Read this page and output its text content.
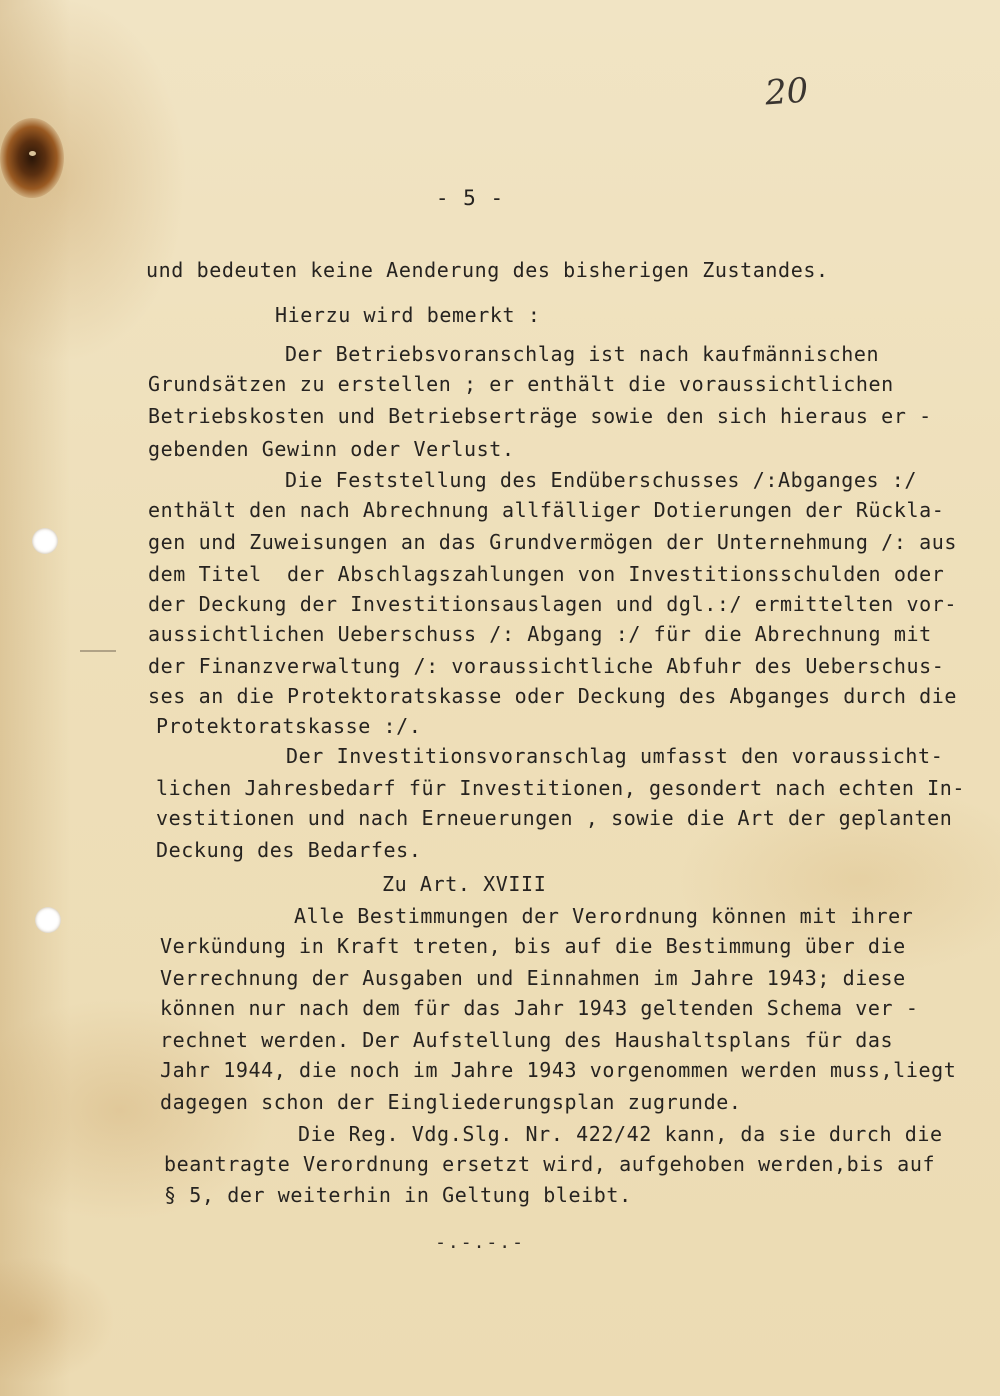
20
- 5 -

und bedeuten keine Aenderung des bisherigen Zustandes.

Hierzu wird bemerkt :

Der Betriebsvoranschlag ist nach kaufmännischen

Grundsätzen zu erstellen ; er enthält die voraussichtlichen

Betriebskosten und Betriebserträge sowie den sich hieraus er -

gebenden Gewinn oder Verlust.

Die Feststellung des Endüberschusses /:Abganges :/

enthält den nach Abrechnung allfälliger Dotierungen der Rückla-

gen und Zuweisungen an das Grundvermögen der Unternehmung /: aus

dem Titel  der Abschlagszahlungen von Investitionsschulden oder

der Deckung der Investitionsauslagen und dgl.:/ ermittelten vor-

aussichtlichen Ueberschuss /: Abgang :/ für die Abrechnung mit

der Finanzverwaltung /: voraussichtliche Abfuhr des Ueberschus-

ses an die Protektoratskasse oder Deckung des Abganges durch die

Protektoratskasse :/.

Der Investitionsvoranschlag umfasst den voraussicht-

lichen Jahresbedarf für Investitionen, gesondert nach echten In-

vestitionen und nach Erneuerungen , sowie die Art der geplanten

Deckung des Bedarfes.

Zu Art. XVIII

Alle Bestimmungen der Verordnung können mit ihrer

Verkündung in Kraft treten, bis auf die Bestimmung über die

Verrechnung der Ausgaben und Einnahmen im Jahre 1943; diese

können nur nach dem für das Jahr 1943 geltenden Schema ver -

rechnet werden. Der Aufstellung des Haushaltsplans für das

Jahr 1944, die noch im Jahre 1943 vorgenommen werden muss,liegt

dagegen schon der Eingliederungsplan zugrunde.

Die Reg. Vdg.Slg. Nr. 422/42 kann, da sie durch die

beantragte Verordnung ersetzt wird, aufgehoben werden,bis auf

§ 5, der weiterhin in Geltung bleibt.

-.-.-.-
